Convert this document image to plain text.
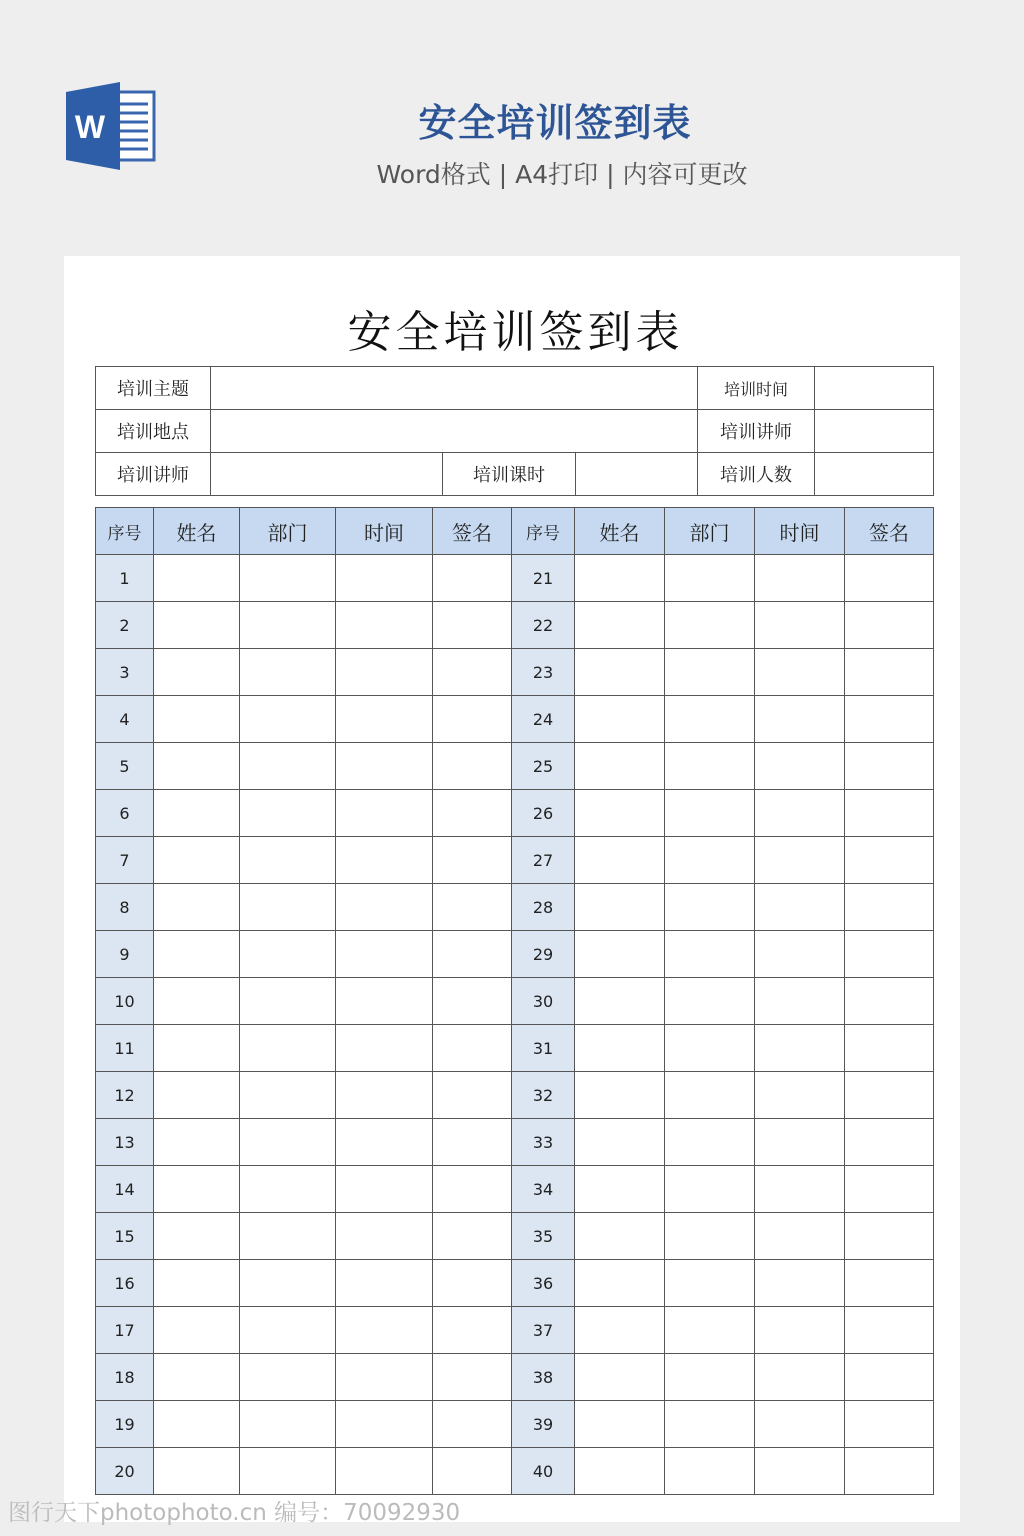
W	安全培训签到表
Word格式 | A4打印 | 内容可更改
安全培训签到表
培训主题				培训时间	
培训地点				培训讲师	
培训讲师		培训课时		培训人数	
序号	姓名	部门	时间	签名	序号	姓名	部门	时间	签名
1					21				
2					22				
3					23				
4					24				
5					25				
6					26				
7					27				
8					28				
9					29				
10					30				
11					31				
12					32				
13					33				
14					34				
15					35				
16					36				
17					37				
18					38				
19					39				
20					40				
图行天下photophoto.cn 编号：70092930
